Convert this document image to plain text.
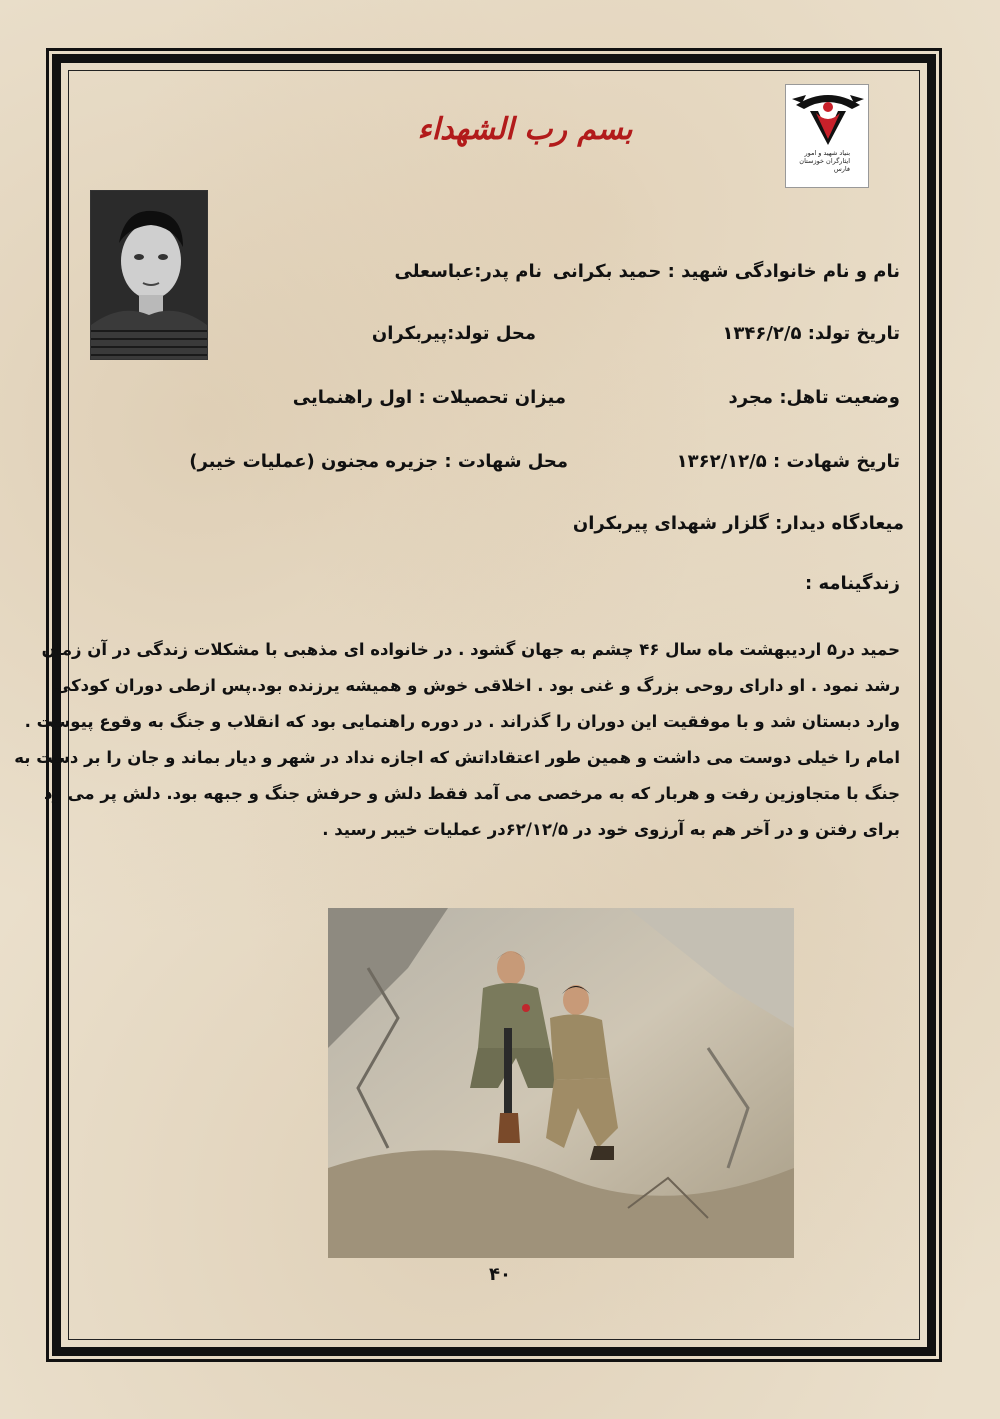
بنیاد شهید و امور ایثارگران خوزستان فارس
بسم رب الشهداء
نام و نام خانوادگی شهید : حمید بکرانی
نام پدر:عباسعلی
تاریخ تولد: ۱۳۴۶/۲/۵
محل تولد:پیربکران
وضعیت تاهل: مجرد
میزان تحصیلات : اول راهنمایی
تاریخ شهادت : ۱۳۶۲/۱۲/۵
محل شهادت : جزیره مجنون (عملیات خیبر)
میعادگاه دیدار: گلزار شهدای پیربکران
زندگینامه :
حمید در۵ اردیبهشت ماه سال ۴۶ چشم به جهان گشود . در خانواده ای مذهبی با مشکلات زندگی در آن زمان
رشد نمود . او دارای روحی بزرگ و غنی بود . اخلاقی خوش و همیشه یرزنده بود.پس ازطی دوران کودکی
وارد دبستان شد و با موفقیت این دوران را گذراند . در دوره راهنمایی بود که انقلاب و جنگ به وقوع پیوست .
امام را خیلی دوست می داشت و همین طور اعتقاداتش که اجازه نداد در شهر و دیار بماند و جان را بر دست به
جنگ با متجاوزین رفت و هربار که به مرخصی می آمد فقط دلش و حرفش جنگ و جبهه بود. دلش پر می زد
برای رفتن و در آخر هم به آرزوی خود در ۶۲/۱۲/۵در عملیات خیبر رسید .
۴۰
